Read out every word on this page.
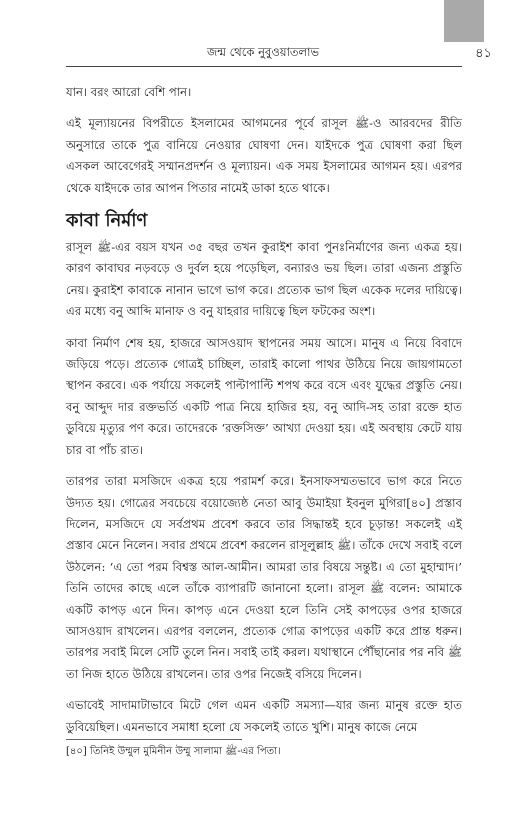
জন্ম থেকে নুবুওয়াতলাভ	৪১

যান। বরং আরো বেশি পান।

এই মূল্যায়নের বিপরীতে ইসলামের আগমনের পূর্বে রাসূল ﷺ-ও আরবদের রীতি অনুসারে তাকে পুত্র বানিয়ে নেওয়ার ঘোষণা দেন। যাইদকে পুত্র ঘোষণা করা ছিল এসকল আবেগেরই সম্মানপ্রদর্শন ও মূল্যায়ন। এক সময় ইসলামের আগমন হয়। এরপর থেকে যাইদকে তার আপন পিতার নামেই ডাকা হতে থাকে।

কাবা নির্মাণ

রাসূল ﷺ-এর বয়স যখন ৩৫ বছর তখন কুরাইশ কাবা পুনঃনির্মাণের জন্য একত্র হয়। কারণ কাবাঘর নড়বড়ে ও দুর্বল হয়ে পড়েছিল, বন্যারও ভয় ছিল। তারা এজন্য প্রস্তুতি নেয়। কুরাইশ কাবাকে নানান ভাগে ভাগ করে। প্রত্যেক ভাগ ছিল একেক দলের দায়িত্বে। এর মধ্যে বনু আব্দি মানাফ ও বনু যাহরার দায়িত্বে ছিল ফটকের অংশ।

কাবা নির্মাণ শেষ হয়, হাজরে আসওয়াদ স্থাপনের সময় আসে। মানুষ এ নিয়ে বিবাদে জড়িয়ে পড়ে। প্রত্যেক গোত্রই চাচ্ছিল, তারাই কালো পাথর উঠিয়ে নিয়ে জায়গামতো স্থাপন করবে। এক পর্যায়ে সকলেই পাল্টাপাল্টি শপথ করে বসে এবং যুদ্ধের প্রস্তুতি নেয়। বনু আব্দুদ দার রক্তভর্তি একটি পাত্র নিয়ে হাজির হয়, বনু আদি-সহ তারা রক্তে হাত ডুবিয়ে মৃত্যুর পণ করে। তাদেরকে ‘রক্তসিক্ত’ আখ্যা দেওয়া হয়। এই অবস্থায় কেটে যায় চার বা পাঁচ রাত।

তারপর তারা মসজিদে একত্র হয়ে পরামর্শ করে। ইনসাফসম্মতভাবে ভাগ করে নিতে উদ্যত হয়। গোত্রের সবচেয়ে বয়োজ্যেষ্ঠ নেতা আবু উমাইয়া ইবনুল মুগিরা[৪০] প্রস্তাব দিলেন, মসজিদে যে সর্বপ্রথম প্রবেশ করবে তার সিদ্ধান্তই হবে চূড়ান্ত! সকলেই এই প্রস্তাব মেনে নিলেন। সবার প্রথমে প্রবেশ করলেন রাসূলুল্লাহ ﷺ। তাঁকে দেখে সবাই বলে উঠলেন: ‘এ তো পরম বিশ্বস্ত আল-আমীন। আমরা তার বিষয়ে সন্তুষ্ট। এ তো মুহাম্মাদ।’ তিনি তাদের কাছে এলে তাঁকে ব্যাপারটি জানানো হলো। রাসূল ﷺ বলেন: আমাকে একটি কাপড় এনে দিন। কাপড় এনে দেওয়া হলে তিনি সেই কাপড়ের ওপর হাজরে আসওয়াদ রাখলেন। এরপর বললেন, প্রত্যেক গোত্র কাপড়ের একটি করে প্রান্ত ধরুন। তারপর সবাই মিলে সেটি তুলে নিন। সবাই তাই করল। যথাস্থানে পৌঁছানোর পর নবি ﷺ তা নিজ হাতে উঠিয়ে রাখলেন। তার ওপর নিজেই বসিয়ে দিলেন।

এভাবেই সাদামাটাভাবে মিটে গেল এমন একটি সমস্যা—যার জন্য মানুষ রক্তে হাত ডুবিয়েছিল। এমনভাবে সমাধা হলো যে সকলেই তাতে খুশি। মানুষ কাজে নেমে

[৪০] তিনিই উম্মুল মুমিনীন উম্মু সালামা ﷺ-এর পিতা।
